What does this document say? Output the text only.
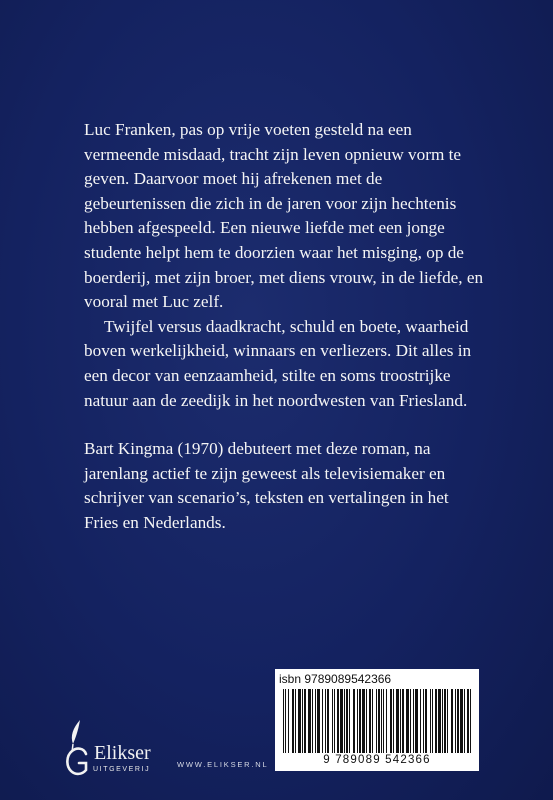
Luc Franken, pas op vrije voeten gesteld na een vermeende misdaad, tracht zijn leven opnieuw vorm te geven. Daarvoor moet hij afrekenen met de gebeurtenissen die zich in de jaren voor zijn hechtenis hebben afgespeeld. Een nieuwe liefde met een jonge studente helpt hem te doorzien waar het misging, op de boerderij, met zijn broer, met diens vrouw, in de liefde, en vooral met Luc zelf.

Twijfel versus daadkracht, schuld en boete, waarheid boven werkelijkheid, winnaars en verliezers. Dit alles in een decor van eenzaamheid, stilte en soms troostrijke natuur aan de zeedijk in het noordwesten van Friesland.

Bart Kingma (1970) debuteert met deze roman, na jarenlang actief te zijn geweest als televisiemaker en schrijver van scenario’s, teksten en vertalingen in het Fries en Nederlands.

isbn 9789089542366
9 789089 542366
Elikser
UITGEVERIJ
WWW.ELIKSER.NL
